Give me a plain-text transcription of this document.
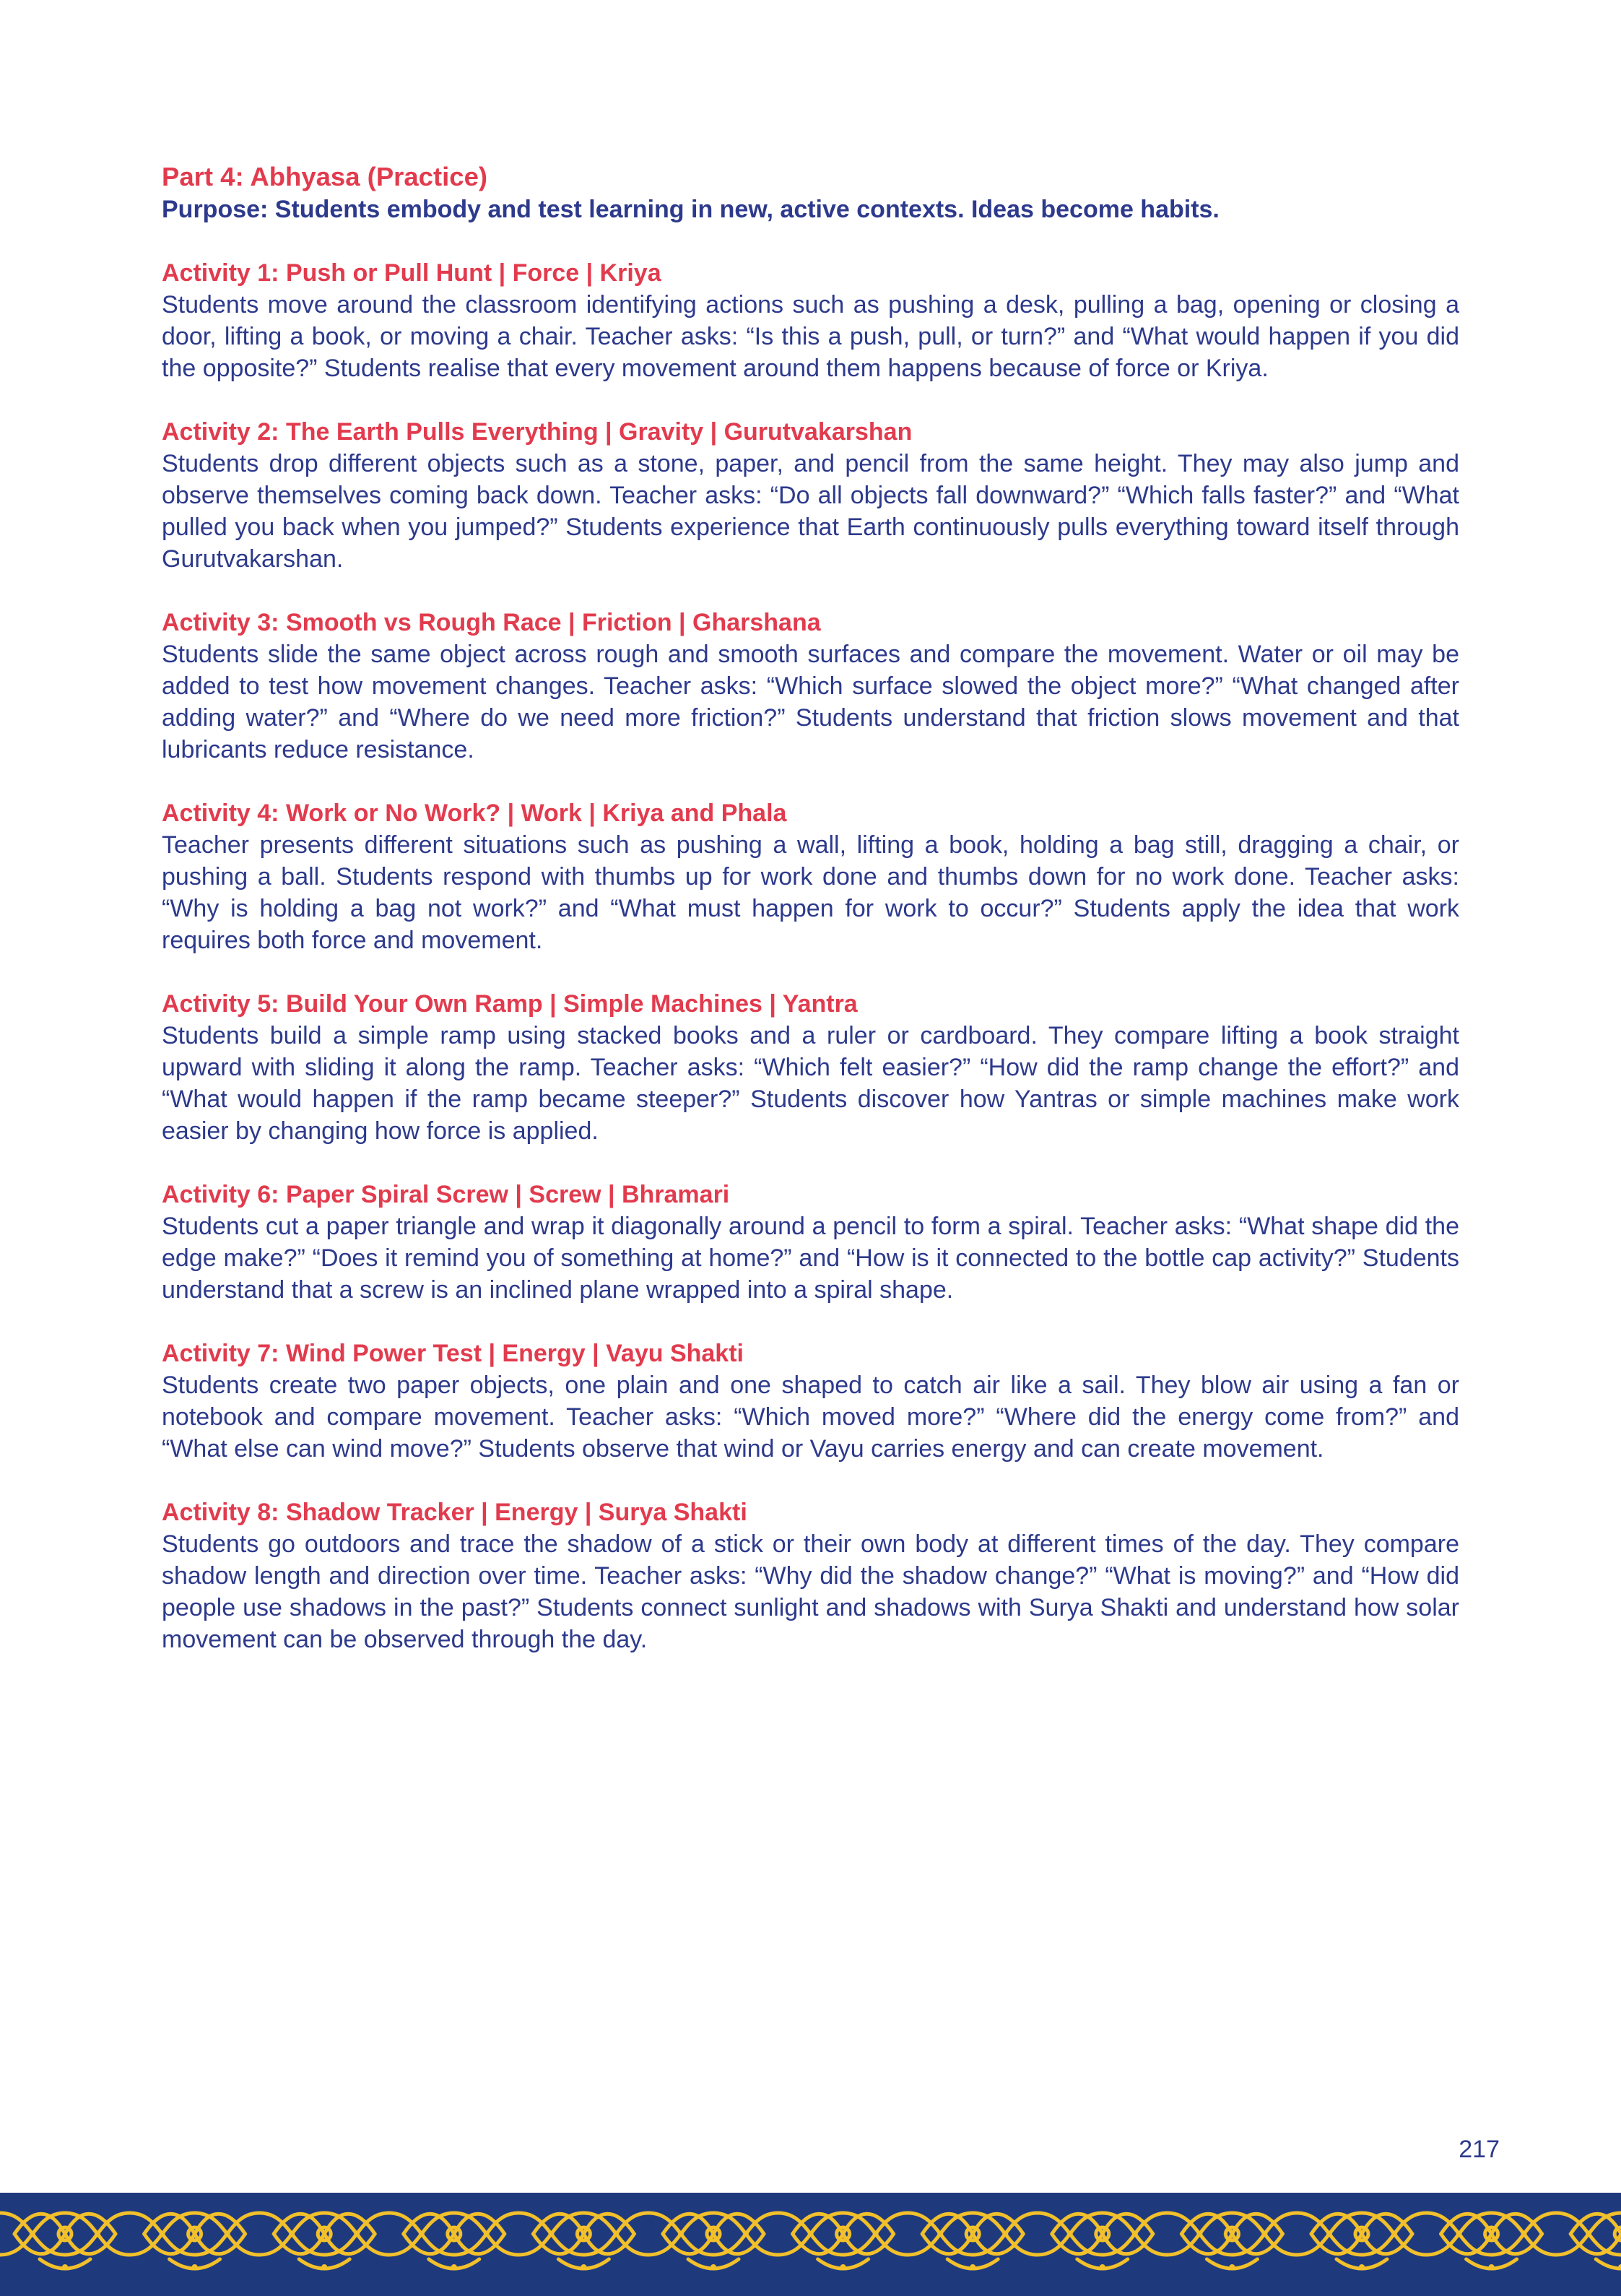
Part 4: Abhyasa (Practice)

Purpose: Students embody and test learning in new, active contexts. Ideas become habits.

Activity 1: Push or Pull Hunt | Force | Kriya

Students move around the classroom identifying actions such as pushing a desk, pulling a bag, opening or closing a door, lifting a book, or moving a chair. Teacher asks: “Is this a push, pull, or turn?” and “What would happen if you did the opposite?” Students realise that every movement around them happens because of force or Kriya.

Activity 2: The Earth Pulls Everything | Gravity | Gurutvakarshan

Students drop different objects such as a stone, paper, and pencil from the same height. They may also jump and observe themselves coming back down. Teacher asks: “Do all objects fall downward?” “Which falls faster?” and “What pulled you back when you jumped?” Students experience that Earth continuously pulls everything toward itself through Gurutvakarshan.

Activity 3: Smooth vs Rough Race | Friction | Gharshana

Students slide the same object across rough and smooth surfaces and compare the movement. Water or oil may be added to test how movement changes. Teacher asks: “Which surface slowed the object more?” “What changed after adding water?” and “Where do we need more friction?” Students understand that friction slows movement and that lubricants reduce resistance.

Activity 4: Work or No Work? | Work | Kriya and Phala

Teacher presents different situations such as pushing a wall, lifting a book, holding a bag still, dragging a chair, or pushing a ball. Students respond with thumbs up for work done and thumbs down for no work done. Teacher asks: “Why is holding a bag not work?” and “What must happen for work to occur?” Students apply the idea that work requires both force and movement.

Activity 5: Build Your Own Ramp | Simple Machines | Yantra

Students build a simple ramp using stacked books and a ruler or cardboard. They compare lifting a book straight upward with sliding it along the ramp. Teacher asks: “Which felt easier?” “How did the ramp change the effort?” and “What would happen if the ramp became steeper?” Students discover how Yantras or simple machines make work easier by changing how force is applied.

Activity 6: Paper Spiral Screw | Screw | Bhramari

Students cut a paper triangle and wrap it diagonally around a pencil to form a spiral. Teacher asks: “What shape did the edge make?” “Does it remind you of something at home?” and “How is it connected to the bottle cap activity?” Students understand that a screw is an inclined plane wrapped into a spiral shape.

Activity 7: Wind Power Test | Energy | Vayu Shakti

Students create two paper objects, one plain and one shaped to catch air like a sail. They blow air using a fan or notebook and compare movement. Teacher asks: “Which moved more?” “Where did the energy come from?” and “What else can wind move?” Students observe that wind or Vayu carries energy and can create movement.

Activity 8: Shadow Tracker | Energy | Surya Shakti

Students go outdoors and trace the shadow of a stick or their own body at different times of the day. They compare shadow length and direction over time. Teacher asks: “Why did the shadow change?” “What is moving?” and “How did people use shadows in the past?” Students connect sunlight and shadows with Surya Shakti and understand how solar movement can be observed through the day.

217
